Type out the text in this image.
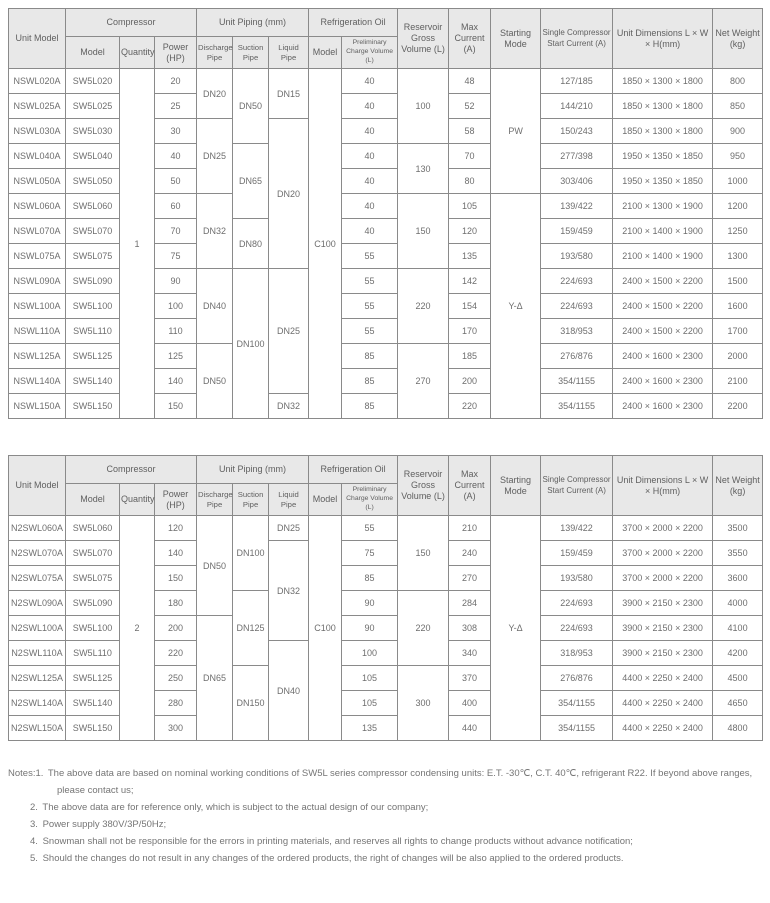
Unit Model	Compressor			Unit Piping (mm)			Refrigeration Oil		Reservoir Gross Volume (L)	Max Current (A)	Starting Mode	Single Compressor Start Current (A)	Unit Dimensions L × W × H(mm)	Net Weight (kg)
	Model	Quantity	Power (HP)	Discharge Pipe	Suction Pipe	Liquid Pipe	Model	Preliminary Charge Volume (L)						
NSWL020A	SW5L020	1	20	DN20	DN50	DN15	C100	40	100	48	PW	127/185	1850 × 1300 × 1800	800
NSWL025A	SW5L025		25					40		52		144/210	1850 × 1300 × 1800	850
NSWL030A	SW5L030		30	DN25		DN20		40		58		150/243	1850 × 1300 × 1800	900
NSWL040A	SW5L040		40		DN65			40	130	70		277/398	1950 × 1350 × 1850	950
NSWL050A	SW5L050		50					40		80		303/406	1950 × 1350 × 1850	1000
NSWL060A	SW5L060		60	DN32				40	150	105	Y-Δ	139/422	2100 × 1300 × 1900	1200
NSWL070A	SW5L070		70		DN80			40		120		159/459	2100 × 1400 × 1900	1250
NSWL075A	SW5L075		75					55		135		193/580	2100 × 1400 × 1900	1300
NSWL090A	SW5L090		90	DN40	DN100	DN25		55	220	142		224/693	2400 × 1500 × 2200	1500
NSWL100A	SW5L100		100					55		154		224/693	2400 × 1500 × 2200	1600
NSWL110A	SW5L110		110					55		170		318/953	2400 × 1500 × 2200	1700
NSWL125A	SW5L125		125	DN50				85	270	185		276/876	2400 × 1600 × 2300	2000
NSWL140A	SW5L140		140					85		200		354/1155	2400 × 1600 × 2300	2100
NSWL150A	SW5L150		150			DN32		85		220		354/1155	2400 × 1600 × 2300	2200
Unit Model	Compressor			Unit Piping (mm)			Refrigeration Oil		Reservoir Gross Volume (L)	Max Current (A)	Starting Mode	Single Compressor Start Current (A)	Unit Dimensions L × W × H(mm)	Net Weight (kg)
	Model	Quantity	Power (HP)	Discharge Pipe	Suction Pipe	Liquid Pipe	Model	Preliminary Charge Volume (L)						
N2SWL060A	SW5L060	2	120	DN50	DN100	DN25	C100	55	150	210	Y-Δ	139/422	3700 × 2000 × 2200	3500
N2SWL070A	SW5L070		140			DN32		75		240		159/459	3700 × 2000 × 2200	3550
N2SWL075A	SW5L075		150					85		270		193/580	3700 × 2000 × 2200	3600
N2SWL090A	SW5L090		180		DN125			90	220	284		224/693	3900 × 2150 × 2300	4000
N2SWL100A	SW5L100		200	DN65				90		308		224/693	3900 × 2150 × 2300	4100
N2SWL110A	SW5L110		220			DN40		100		340		318/953	3900 × 2150 × 2300	4200
N2SWL125A	SW5L125		250		DN150			105	300	370		276/876	4400 × 2250 × 2400	4500
N2SWL140A	SW5L140		280					105		400		354/1155	4400 × 2250 × 2400	4650
N2SWL150A	SW5L150		300					135		440		354/1155	4400 × 2250 × 2400	4800
Notes:1. The above data are based on nominal working conditions of SW5L series compressor condensing units: E.T. -30℃, C.T. 40℃, refrigerant R22. If beyond above ranges, please contact us;
2. The above data are for reference only, which is subject to the actual design of our company;
3. Power supply 380V/3P/50Hz;
4. Snowman shall not be responsible for the errors in printing materials, and reserves all rights to change products without advance notification;
5. Should the changes do not result in any changes of the ordered products, the right of changes will be also applied to the ordered products.
